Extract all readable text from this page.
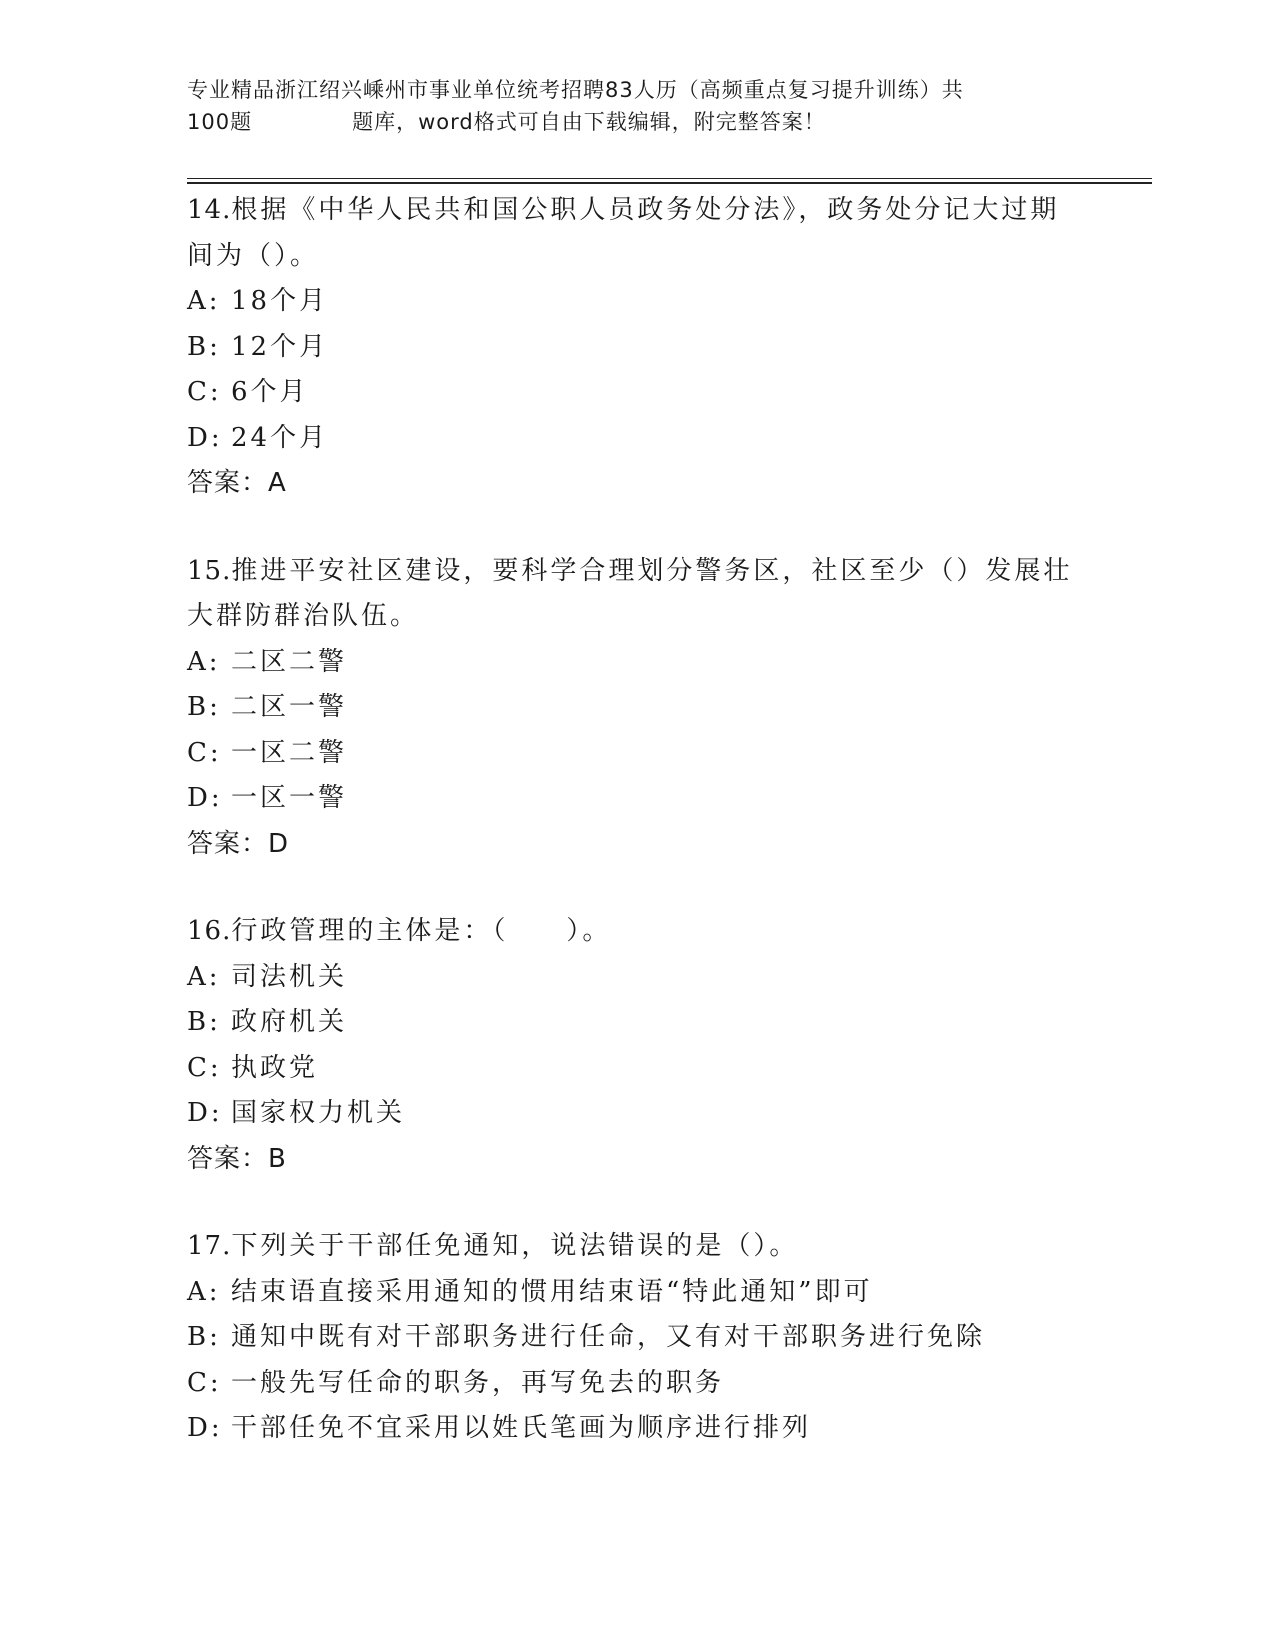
专业精品浙江绍兴嵊州市事业单位统考招聘83人历（高频重点复习提升训练）共
100题	题库，word格式可自由下载编辑，附完整答案！
14.根据《中华人民共和国公职人员政务处分法》，政务处分记大过期间为（）。
A: 18个月
B: 12个月
C: 6个月
D: 24个月
答案：A
15.推进平安社区建设，要科学合理划分警务区，社区至少（）发展壮大群防群治队伍。
A: 二区二警
B: 二区一警
C: 一区二警
D: 一区一警
答案：D
16.行政管理的主体是：（　　）。
A: 司法机关
B: 政府机关
C: 执政党
D: 国家权力机关
答案：B
17.下列关于干部任免通知，说法错误的是（）。
A: 结束语直接采用通知的惯用结束语“特此通知”即可
B: 通知中既有对干部职务进行任命，又有对干部职务进行免除
C: 一般先写任命的职务，再写免去的职务
D: 干部任免不宜采用以姓氏笔画为顺序进行排列
